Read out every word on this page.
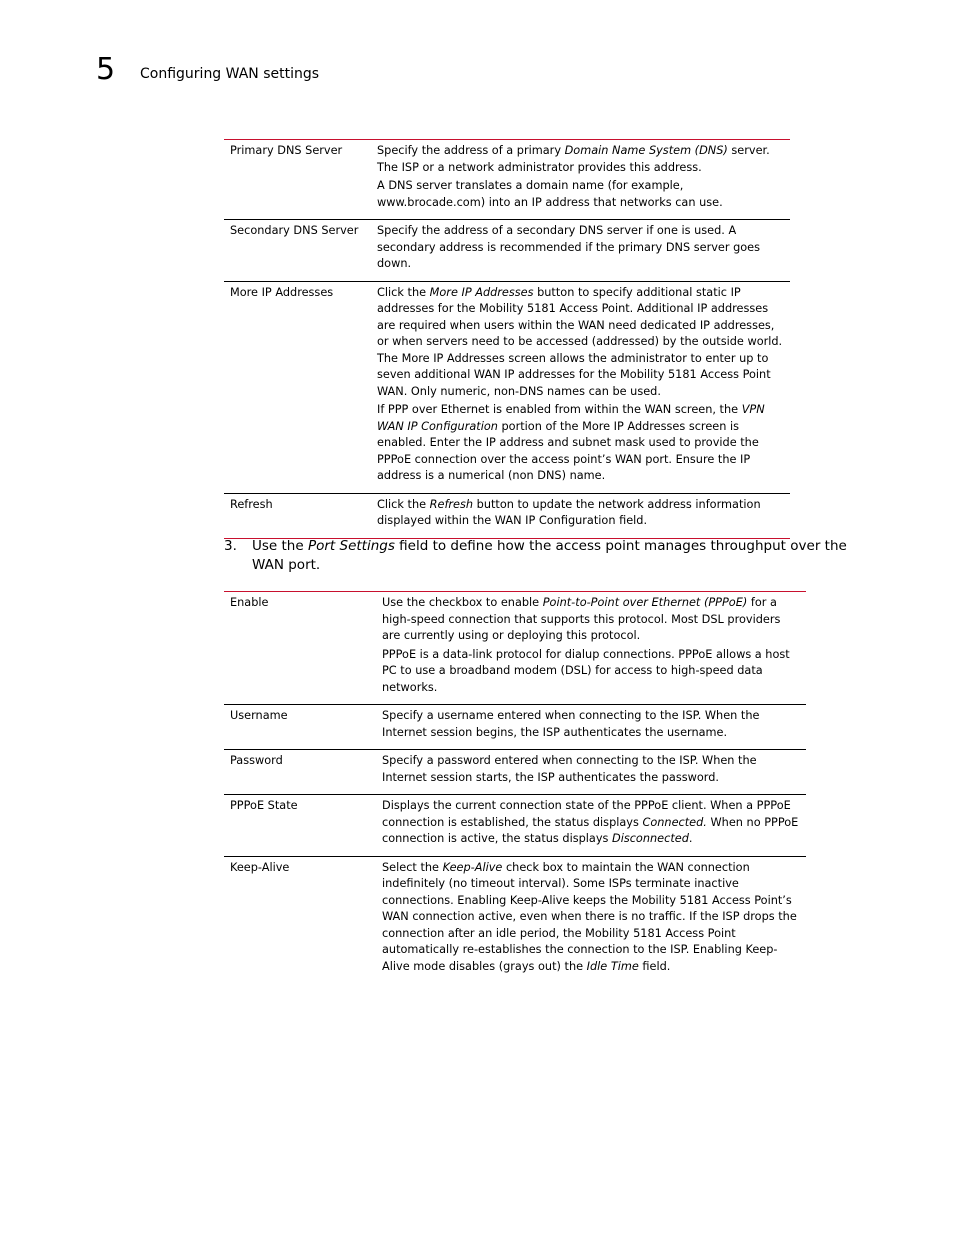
5 Configuring WAN settings
Primary DNS Server	Specify the address of a primary Domain Name System (DNS) server. The ISP or a network administrator provides this address.

A DNS server translates a domain name (for example, www.brocade.com) into an IP address that networks can use.

Secondary DNS Server	Specify the address of a secondary DNS server if one is used. A secondary address is recommended if the primary DNS server goes down.

More IP Addresses	Click the More IP Addresses button to specify additional static IP addresses for the Mobility 5181 Access Point. Additional IP addresses are required when users within the WAN need dedicated IP addresses, or when servers need to be accessed (addressed) by the outside world. The More IP Addresses screen allows the administrator to enter up to seven additional WAN IP addresses for the Mobility 5181 Access Point WAN. Only numeric, non-DNS names can be used.

If PPP over Ethernet is enabled from within the WAN screen, the VPN WAN IP Configuration portion of the More IP Addresses screen is enabled. Enter the IP address and subnet mask used to provide the PPPoE connection over the access point’s WAN port. Ensure the IP address is a numerical (non DNS) name.

Refresh	Click the Refresh button to update the network address information displayed within the WAN IP Configuration field.

3. Use the Port Settings field to define how the access point manages throughput over the WAN port.
Enable	Use the checkbox to enable Point-to-Point over Ethernet (PPPoE) for a high-speed connection that supports this protocol. Most DSL providers are currently using or deploying this protocol.

PPPoE is a data-link protocol for dialup connections. PPPoE allows a host PC to use a broadband modem (DSL) for access to high-speed data networks.

Username	Specify a username entered when connecting to the ISP. When the Internet session begins, the ISP authenticates the username.

Password	Specify a password entered when connecting to the ISP. When the Internet session starts, the ISP authenticates the password.

PPPoE State	Displays the current connection state of the PPPoE client. When a PPPoE connection is established, the status displays Connected. When no PPPoE connection is active, the status displays Disconnected.

Keep-Alive	Select the Keep-Alive check box to maintain the WAN connection indefinitely (no timeout interval). Some ISPs terminate inactive connections. Enabling Keep-Alive keeps the Mobility 5181 Access Point’s WAN connection active, even when there is no traffic. If the ISP drops the connection after an idle period, the Mobility 5181 Access Point automatically re-establishes the connection to the ISP. Enabling Keep-Alive mode disables (grays out) the Idle Time field.
